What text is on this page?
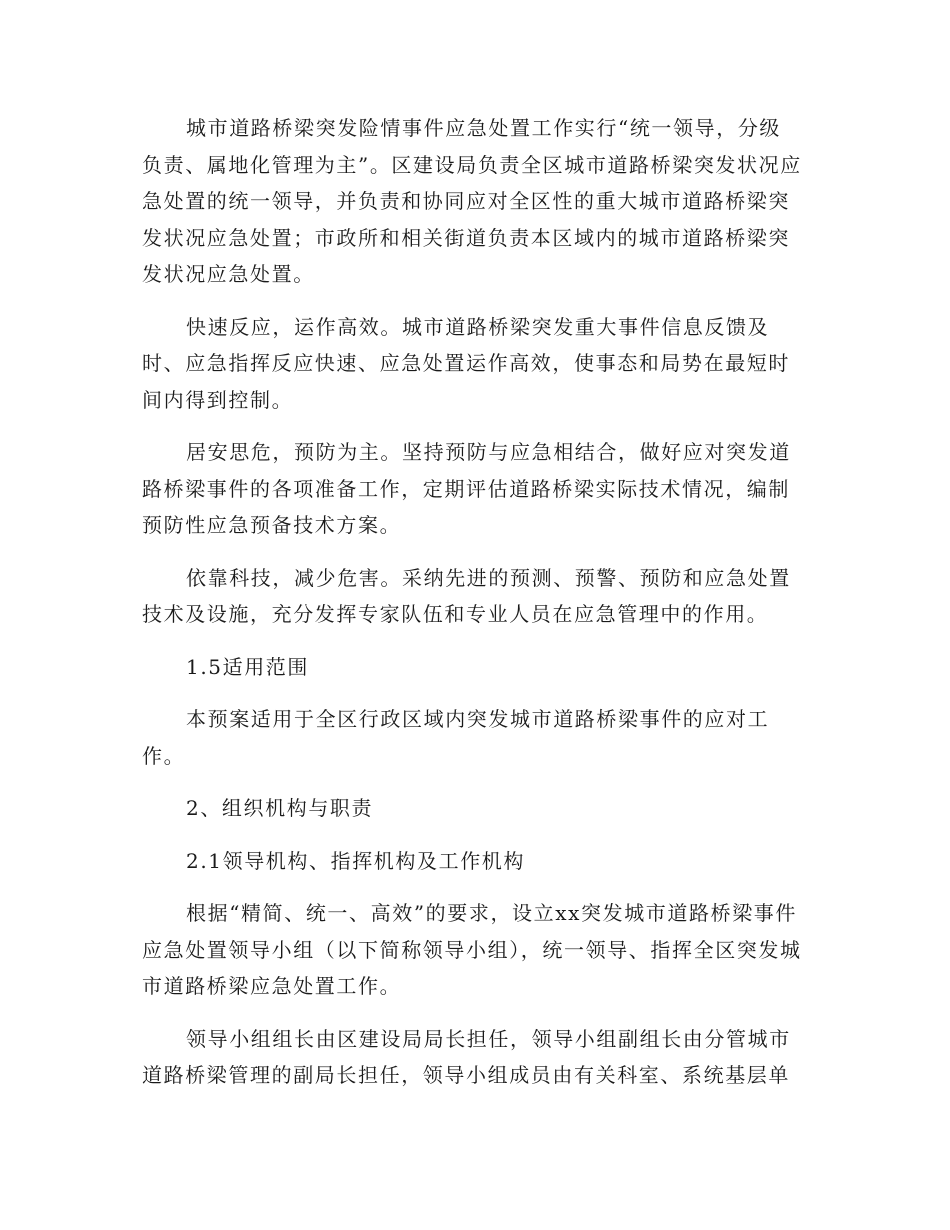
城市道路桥梁突发险情事件应急处置工作实行“统一领导，分级负责、属地化管理为主”。区建设局负责全区城市道路桥梁突发状况应急处置的统一领导，并负责和协同应对全区性的重大城市道路桥梁突发状况应急处置；市政所和相关街道负责本区域内的城市道路桥梁突发状况应急处置。

快速反应，运作高效。城市道路桥梁突发重大事件信息反馈及时、应急指挥反应快速、应急处置运作高效，使事态和局势在最短时间内得到控制。

居安思危，预防为主。坚持预防与应急相结合，做好应对突发道路桥梁事件的各项准备工作，定期评估道路桥梁实际技术情况，编制预防性应急预备技术方案。

依靠科技，减少危害。采纳先进的预测、预警、预防和应急处置技术及设施，充分发挥专家队伍和专业人员在应急管理中的作用。

1.5适用范围

本预案适用于全区行政区域内突发城市道路桥梁事件的应对工作。

2、组织机构与职责

2.1领导机构、指挥机构及工作机构

根据“精简、统一、高效”的要求，设立xx突发城市道路桥梁事件应急处置领导小组（以下简称领导小组），统一领导、指挥全区突发城市道路桥梁应急处置工作。

领导小组组长由区建设局局长担任，领导小组副组长由分管城市道路桥梁管理的副局长担任，领导小组成员由有关科室、系统基层单
